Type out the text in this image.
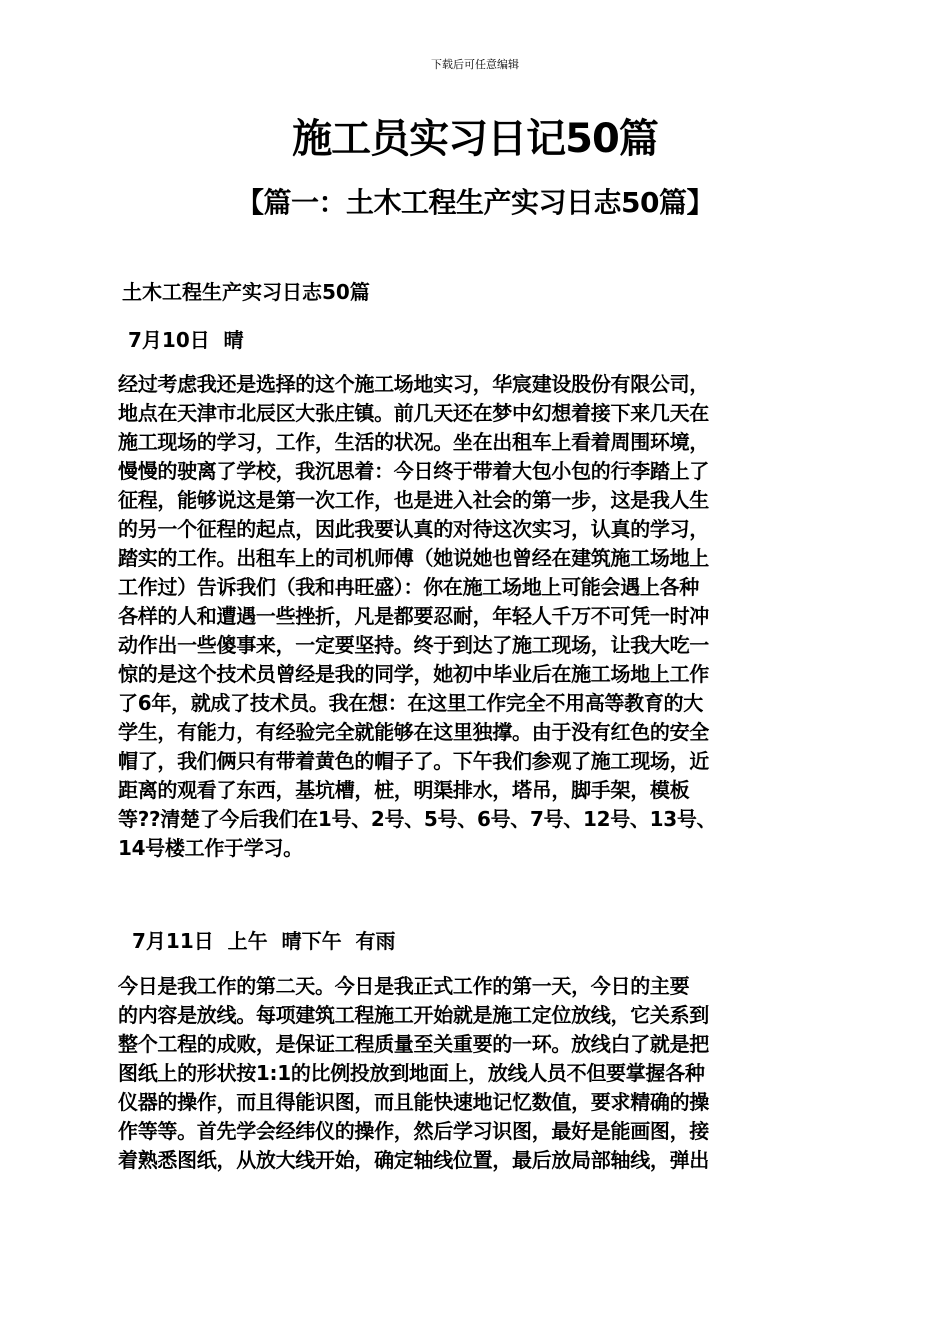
下载后可任意编辑
施工员实习日记50篇
【篇一：土木工程生产实习日志50篇】
土木工程生产实习日志50篇
7月10日  晴
经过考虑我还是选择的这个施工场地实习，华宸建设股份有限公司，
地点在天津市北辰区大张庄镇。前几天还在梦中幻想着接下来几天在
施工现场的学习，工作，生活的状况。坐在出租车上看着周围环境，
慢慢的驶离了学校，我沉思着：今日终于带着大包小包的行李踏上了
征程，能够说这是第一次工作，也是进入社会的第一步，这是我人生
的另一个征程的起点，因此我要认真的对待这次实习，认真的学习，
踏实的工作。出租车上的司机师傅（她说她也曾经在建筑施工场地上
工作过）告诉我们（我和冉旺盛）：你在施工场地上可能会遇上各种
各样的人和遭遇一些挫折，凡是都要忍耐，年轻人千万不可凭一时冲
动作出一些傻事来，一定要坚持。终于到达了施工现场，让我大吃一
惊的是这个技术员曾经是我的同学，她初中毕业后在施工场地上工作
了6年，就成了技术员。我在想：在这里工作完全不用高等教育的大
学生，有能力，有经验完全就能够在这里独撑。由于没有红色的安全
帽了，我们俩只有带着黄色的帽子了。下午我们参观了施工现场，近
距离的观看了东西，基坑槽，桩，明渠排水，塔吊，脚手架，模板
等??清楚了今后我们在1号、2号、5号、6号、7号、12号、13号、
14号楼工作于学习。
7月11日  上午  晴下午  有雨
今日是我工作的第二天。今日是我正式工作的第一天，今日的主要
的内容是放线。每项建筑工程施工开始就是施工定位放线，它关系到
整个工程的成败，是保证工程质量至关重要的一环。放线白了就是把
图纸上的形状按1:1的比例投放到地面上，放线人员不但要掌握各种
仪器的操作，而且得能识图，而且能快速地记忆数值，要求精确的操
作等等。首先学会经纬仪的操作，然后学习识图，最好是能画图，接
着熟悉图纸，从放大线开始，确定轴线位置，最后放局部轴线，弹出
